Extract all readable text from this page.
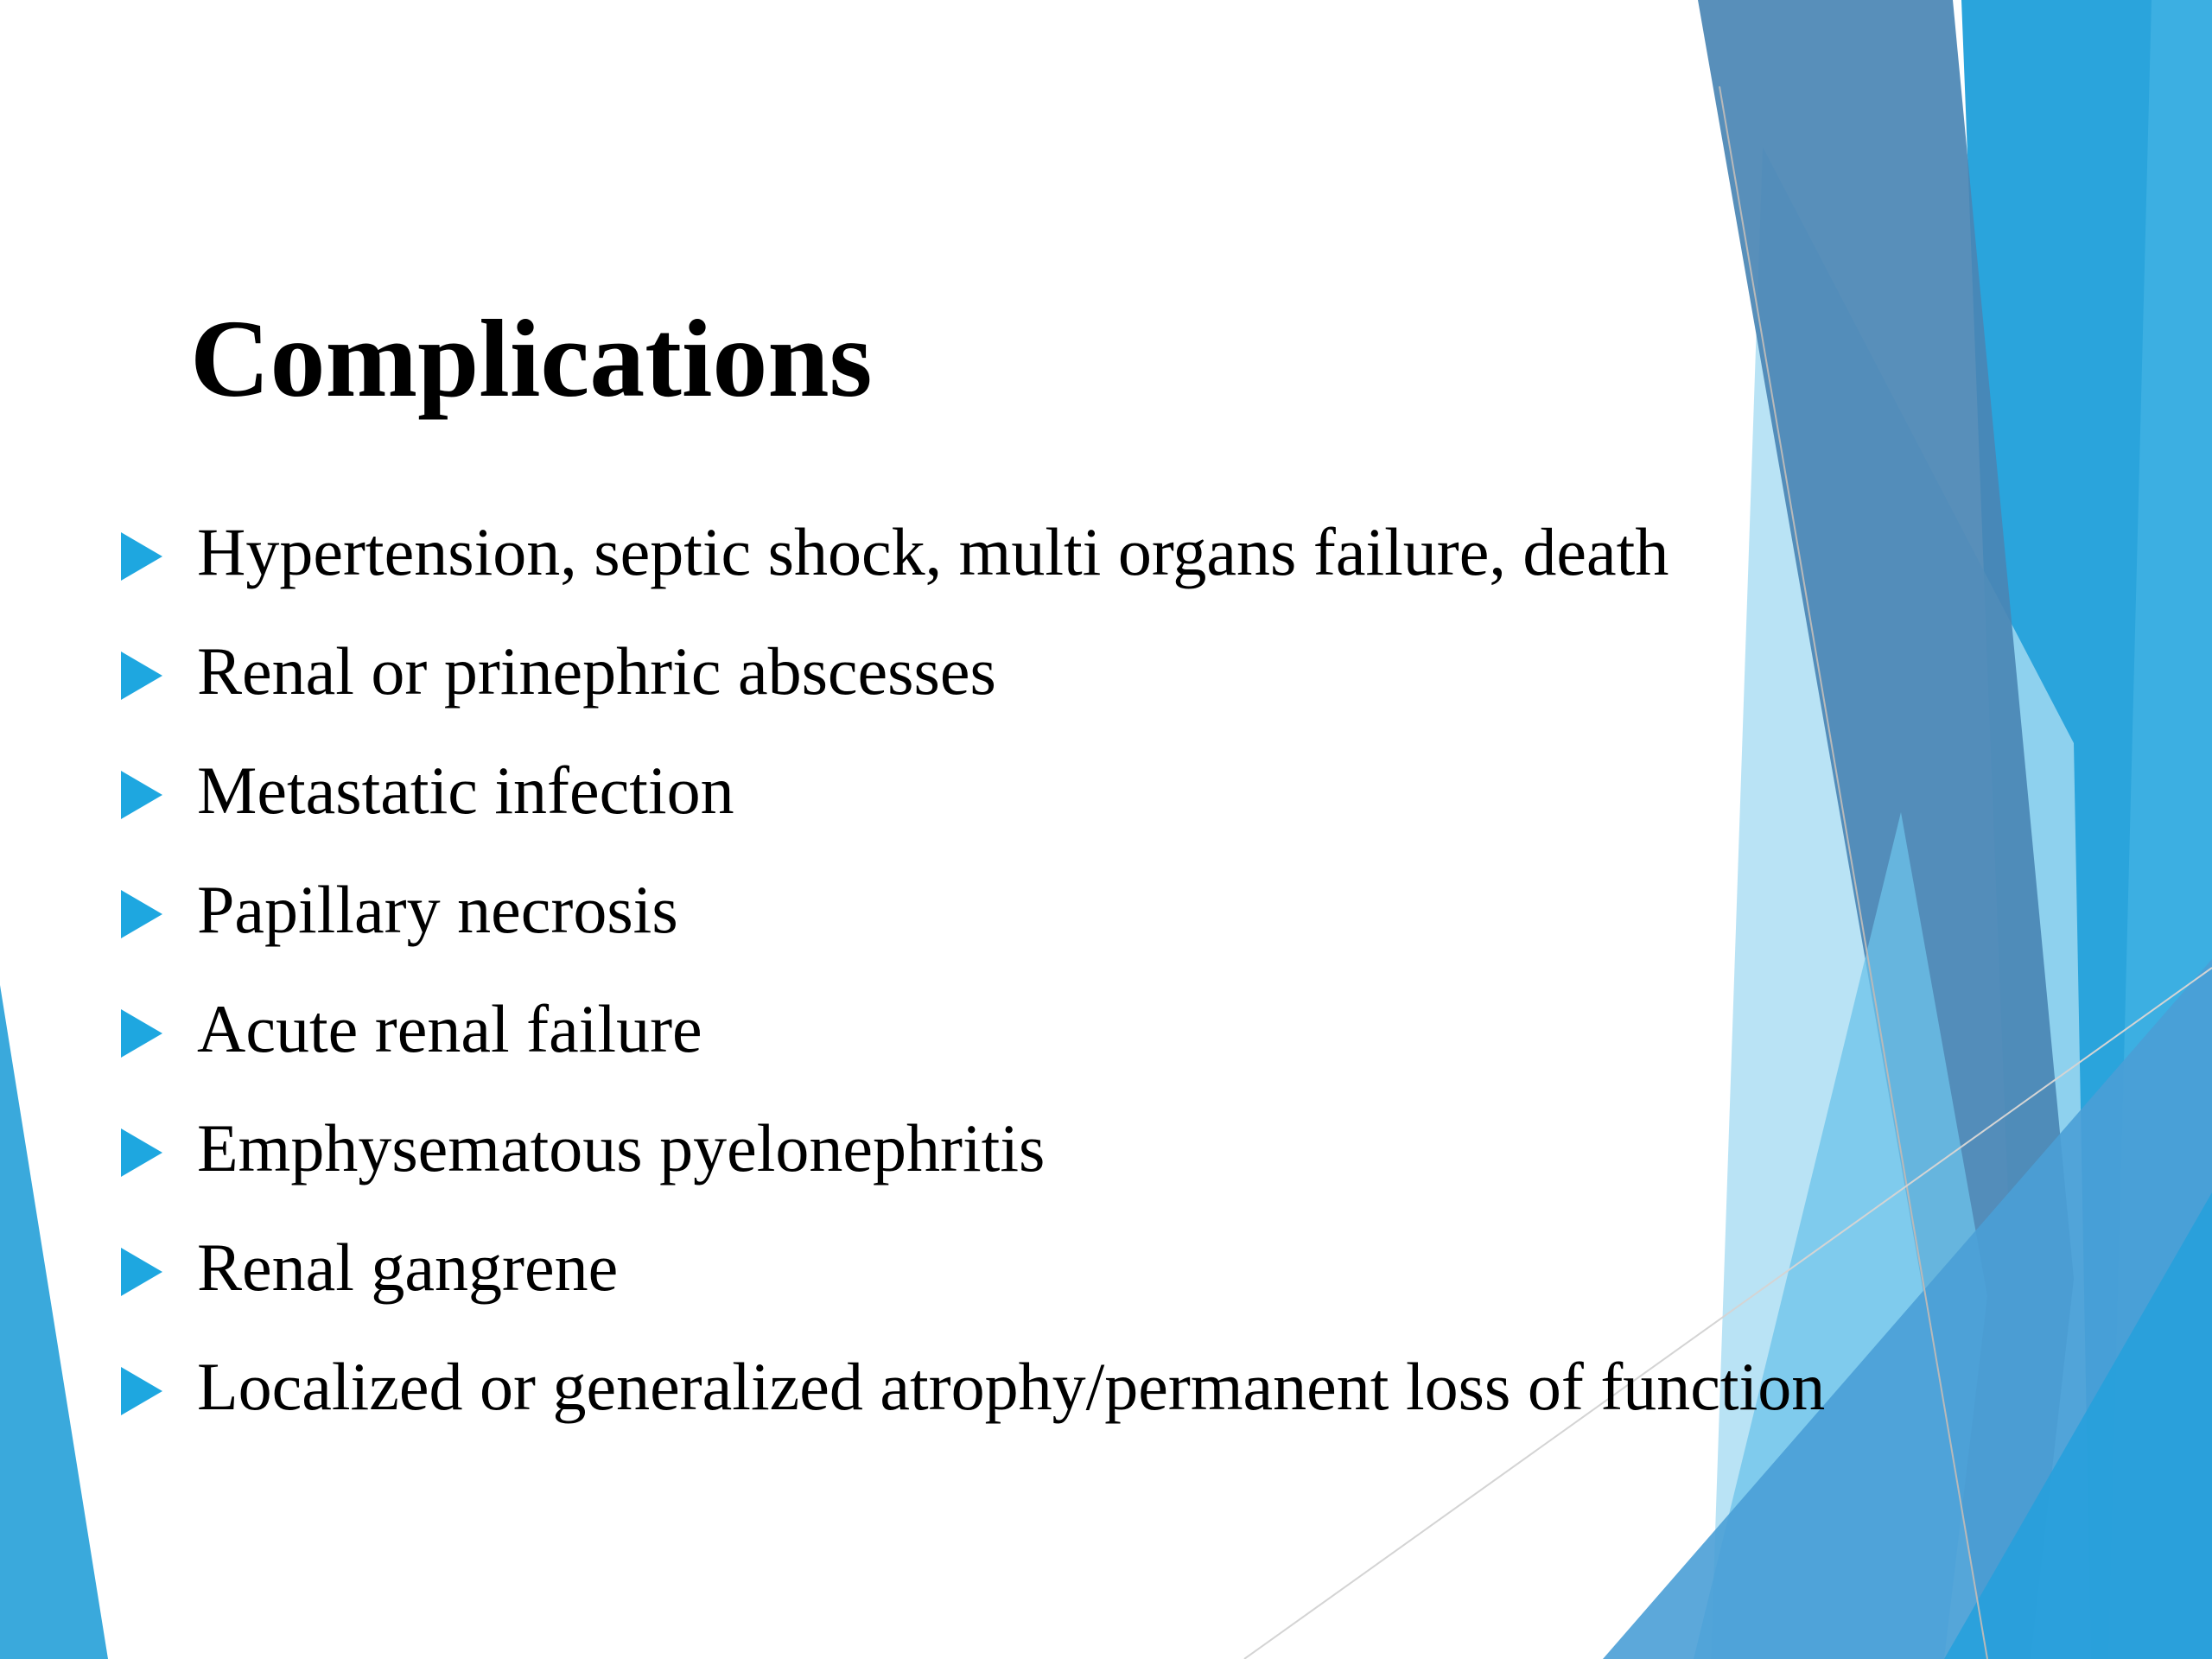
Complications
Hypertension, septic shock, multi organs failure, death
Renal or prinephric abscesses
Metastatic infection
Papillary necrosis
Acute renal failure
Emphysematous pyelonephritis
Renal gangrene
Localized or generalized atrophy/permanent loss of function
